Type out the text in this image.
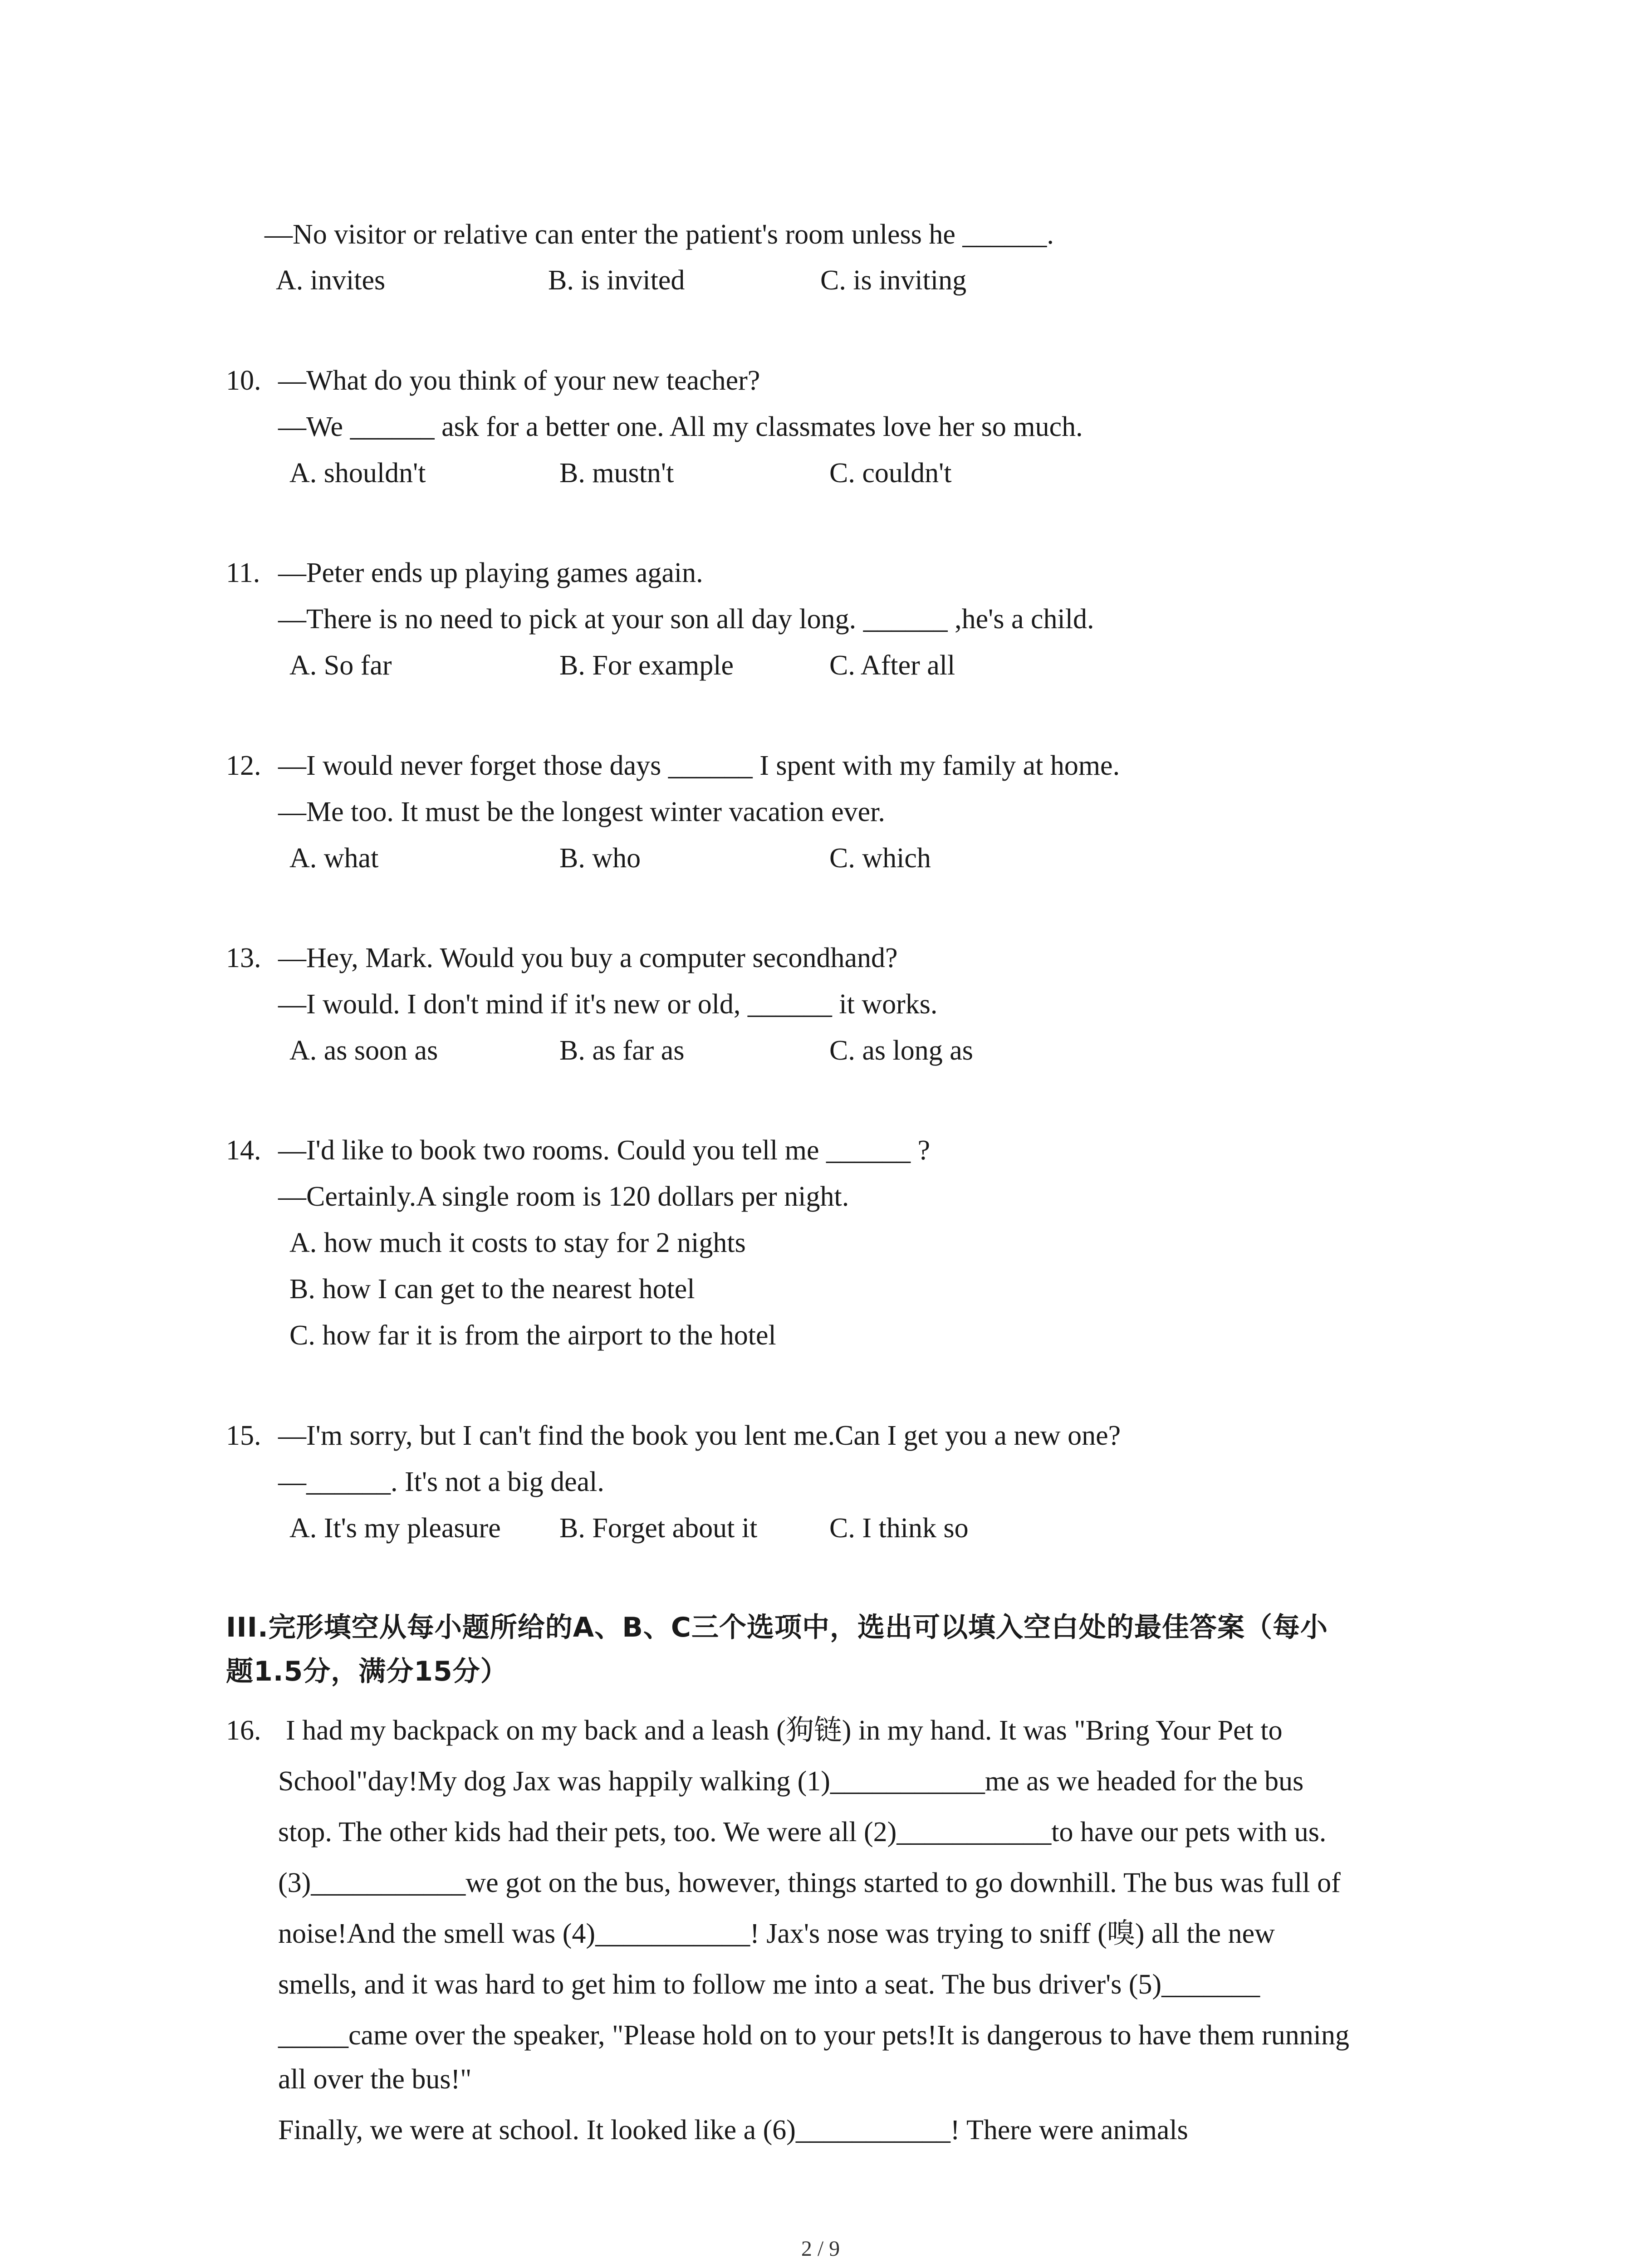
—No visitor or relative can enter the patient's room unless he ______.
A. invites	B. is invited	C. is inviting
10. —What do you think of your new teacher?
—We ______ ask for a better one. All my classmates love her so much.
A. shouldn't	B. mustn't	C. couldn't
11. —Peter ends up playing games again.
—There is no need to pick at your son all day long. ______ ,he's a child.
A. So far	B. For example	C. After all
12. —I would never forget those days ______ I spent with my family at home.
—Me too. It must be the longest winter vacation ever.
A. what	B. who	C. which
13. —Hey, Mark. Would you buy a computer secondhand?
—I would. I don't mind if it's new or old, ______ it works.
A. as soon as	B. as far as	C. as long as
14. —I'd like to book two rooms. Could you tell me ______ ?
—Certainly.A single room is 120 dollars per night.
A. how much it costs to stay for 2 nights
B. how I can get to the nearest hotel
C. how far it is from the airport to the hotel
15. —I'm sorry, but I can't find the book you lent me.Can I get you a new one?
—______. It's not a big deal.
A. It's my pleasure B. Forget about it	C. I think so
III.完形填空从每小题所给的A、B、C三个选项中，选出可以填入空白处的最佳答案（每小
题1.5分，满分15分）
16. I had my backpack on my back and a leash (狗链) in my hand. It was "Bring Your Pet to
School"day!My dog Jax was happily walking (1)___________me as we headed for the bus
stop. The other kids had their pets, too. We were all (2)___________to have our pets with us.
(3)___________we got on the bus, however, things started to go downhill. The bus was full of
noise!And the smell was (4)___________! Jax's nose was trying to sniff (嗅) all the new
smells, and it was hard to get him to follow me into a seat. The bus driver's (5)_______
_____came over the speaker, "Please hold on to your pets!It is dangerous to have them running
all over the bus!"
Finally, we were at school. It looked like a (6)___________! There were animals
2 / 9
